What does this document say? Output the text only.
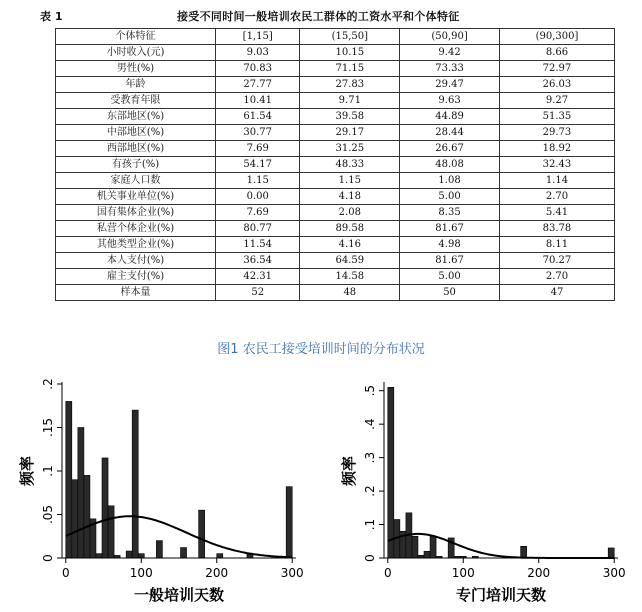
表 1	接受不同时间一般培训农民工群体的工资水平和个体特征
个体特征	[1,15]	(15,50]	(50,90]	(90,300]
小时收入(元)	9.03	10.15	9.42	8.66
男性(%)	70.83	71.15	73.33	72.97
年龄	27.77	27.83	29.47	26.03
受教育年限	10.41	9.71	9.63	9.27
东部地区(%)	61.54	39.58	44.89	51.35
中部地区(%)	30.77	29.17	28.44	29.73
西部地区(%)	7.69	31.25	26.67	18.92
有孩子(%)	54.17	48.33	48.08	32.43
家庭人口数	1.15	1.15	1.08	1.14
机关事业单位(%)	0.00	4.18	5.00	2.70
国有集体企业(%)	7.69	2.08	8.35	5.41
私营个体企业(%)	80.77	89.58	81.67	83.78
其他类型企业(%)	11.54	4.16	4.98	8.11
本人支付(%)	36.54	64.59	81.67	70.27
雇主支付(%)	42.31	14.58	5.00	2.70
样本量	52	48	50	47
图1 农民工接受培训时间的分布状况
0	100	200	300
0
.05
.1
.15
.2
一般培训天数
频率
0	100	200	300
0
.1
.2
.3
.4
.5
专门培训天数
频率
